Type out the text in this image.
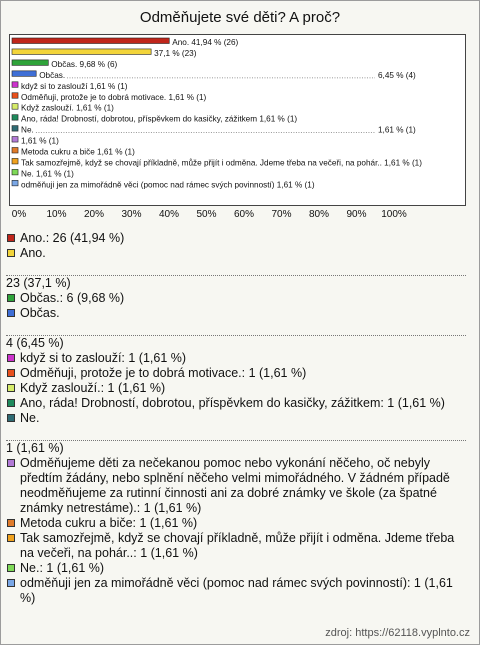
Odměňujete své děti? A proč?
Ano. 41,94 % (26)
37,1 % (23)
Občas. 9,68 % (6)
Občas.	6,45 % (4)
když si to zaslouží 1,61 % (1)
Odměňuji, protože je to dobrá motivace. 1,61 % (1)
Když zaslouží. 1,61 % (1)
Ano, ráda! Drobností, dobrotou, příspěvkem do kasičky, zážitkem 1,61 % (1)
Ne.	1,61 % (1)
1,61 % (1)
Metoda cukru a biče 1,61 % (1)
Tak samozřejmě, když se chovají příkladně, může přijít i odměna. Jdeme třeba na večeři, na pohár.. 1,61 % (1)
Ne. 1,61 % (1)
odměňuji jen za mimořádně věci (pomoc nad rámec svých povinností) 1,61 % (1)
0% 10% 20% 30% 40% 50% 60% 70% 80% 90% 100%
Ano.: 26 (41,94 %)
Ano.
23 (37,1 %)
Občas.: 6 (9,68 %)
Občas.
4 (6,45 %)
když si to zaslouží: 1 (1,61 %)
Odměňuji, protože je to dobrá motivace.: 1 (1,61 %)
Když zaslouží.: 1 (1,61 %)
Ano, ráda! Drobností, dobrotou, příspěvkem do kasičky, zážitkem: 1 (1,61 %)
Ne.
1 (1,61 %)
Odměňujeme děti za nečekanou pomoc nebo vykonání něčeho, oč nebyly předtím žádány, nebo splnění něčeho velmi mimořádného. V žádném případě neodměňujeme za rutinní činnosti ani za dobré známky ve škole (za špatné známky netrestáme).: 1 (1,61 %)
Metoda cukru a biče: 1 (1,61 %)
Tak samozřejmě, když se chovají příkladně, může přijít i odměna. Jdeme třeba na večeři, na pohár..: 1 (1,61 %)
Ne.: 1 (1,61 %)
odměňuji jen za mimořádně věci (pomoc nad rámec svých povinností): 1 (1,61 %)
zdroj: https://62118.vyplnto.cz
